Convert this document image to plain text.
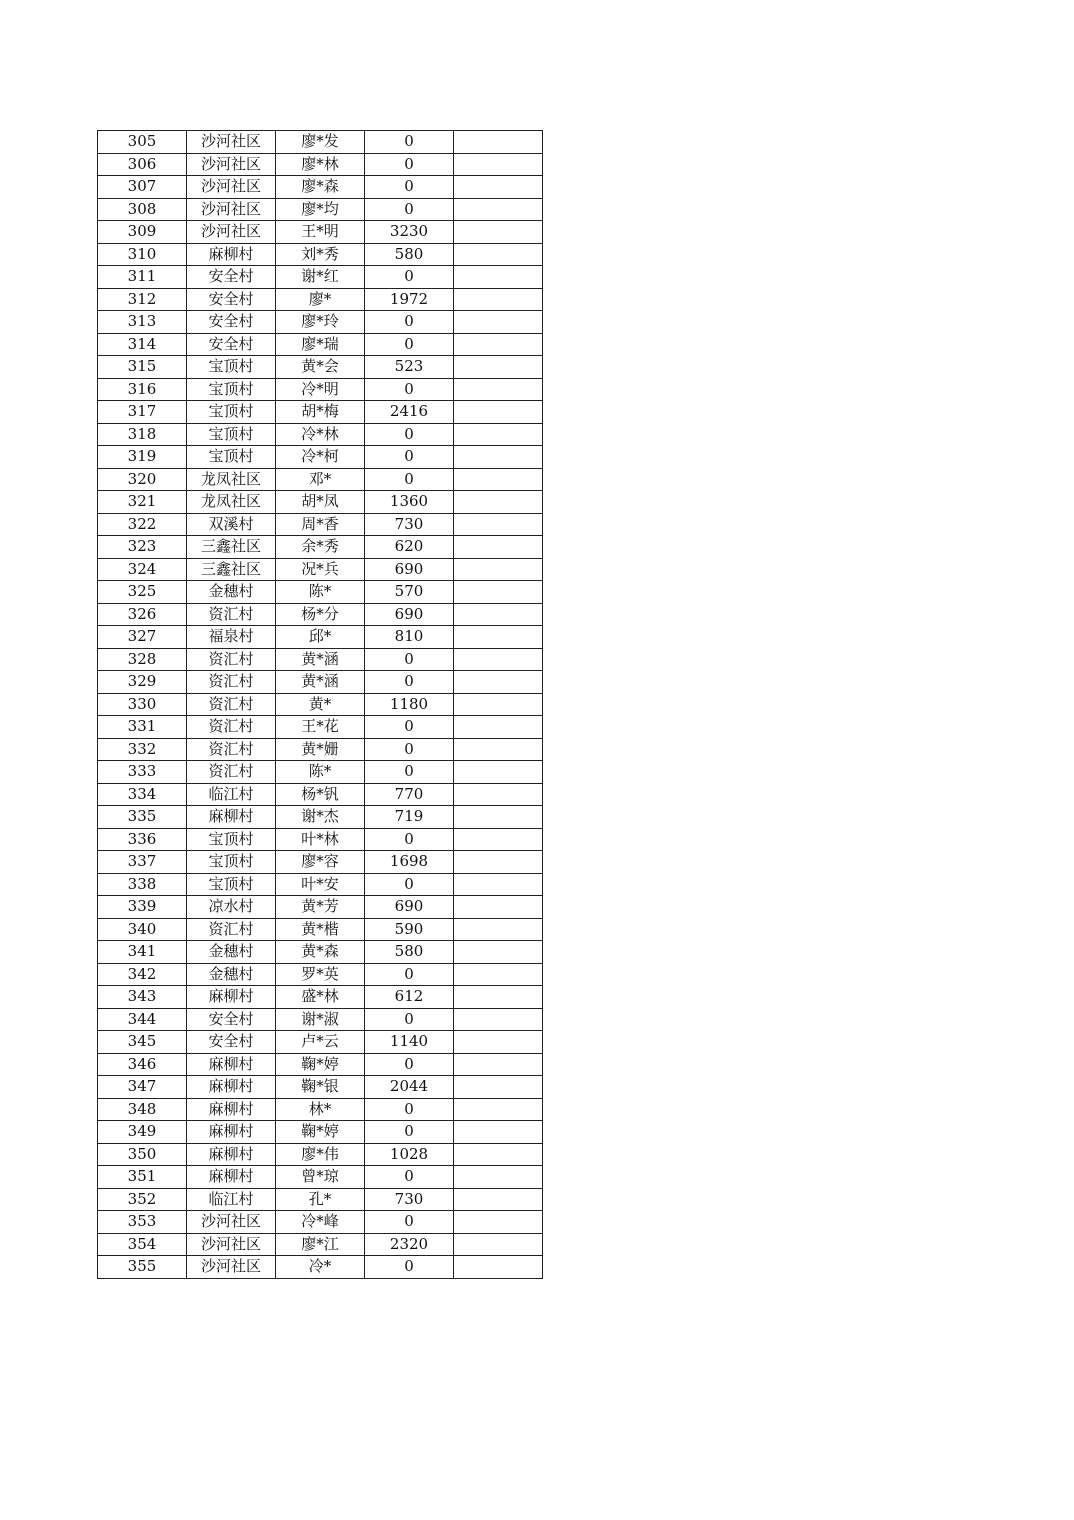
305	沙河社区	廖*发	0	
306	沙河社区	廖*林	0	
307	沙河社区	廖*森	0	
308	沙河社区	廖*均	0	
309	沙河社区	王*明	3230	
310	麻柳村	刘*秀	580	
311	安全村	谢*红	0	
312	安全村	廖*	1972	
313	安全村	廖*玲	0	
314	安全村	廖*瑞	0	
315	宝顶村	黄*会	523	
316	宝顶村	冷*明	0	
317	宝顶村	胡*梅	2416	
318	宝顶村	冷*林	0	
319	宝顶村	冷*柯	0	
320	龙凤社区	邓*	0	
321	龙凤社区	胡*凤	1360	
322	双溪村	周*香	730	
323	三鑫社区	余*秀	620	
324	三鑫社区	况*兵	690	
325	金穗村	陈*	570	
326	资汇村	杨*分	690	
327	福泉村	邱*	810	
328	资汇村	黄*涵	0	
329	资汇村	黄*涵	0	
330	资汇村	黄*	1180	
331	资汇村	王*花	0	
332	资汇村	黄*姗	0	
333	资汇村	陈*	0	
334	临江村	杨*钒	770	
335	麻柳村	谢*杰	719	
336	宝顶村	叶*林	0	
337	宝顶村	廖*容	1698	
338	宝顶村	叶*安	0	
339	凉水村	黄*芳	690	
340	资汇村	黄*楷	590	
341	金穗村	黄*森	580	
342	金穗村	罗*英	0	
343	麻柳村	盛*林	612	
344	安全村	谢*淑	0	
345	安全村	卢*云	1140	
346	麻柳村	鞠*婷	0	
347	麻柳村	鞠*银	2044	
348	麻柳村	林*	0	
349	麻柳村	鞠*婷	0	
350	麻柳村	廖*伟	1028	
351	麻柳村	曾*琼	0	
352	临江村	孔*	730	
353	沙河社区	冷*峰	0	
354	沙河社区	廖*江	2320	
355	沙河社区	冷*	0	
